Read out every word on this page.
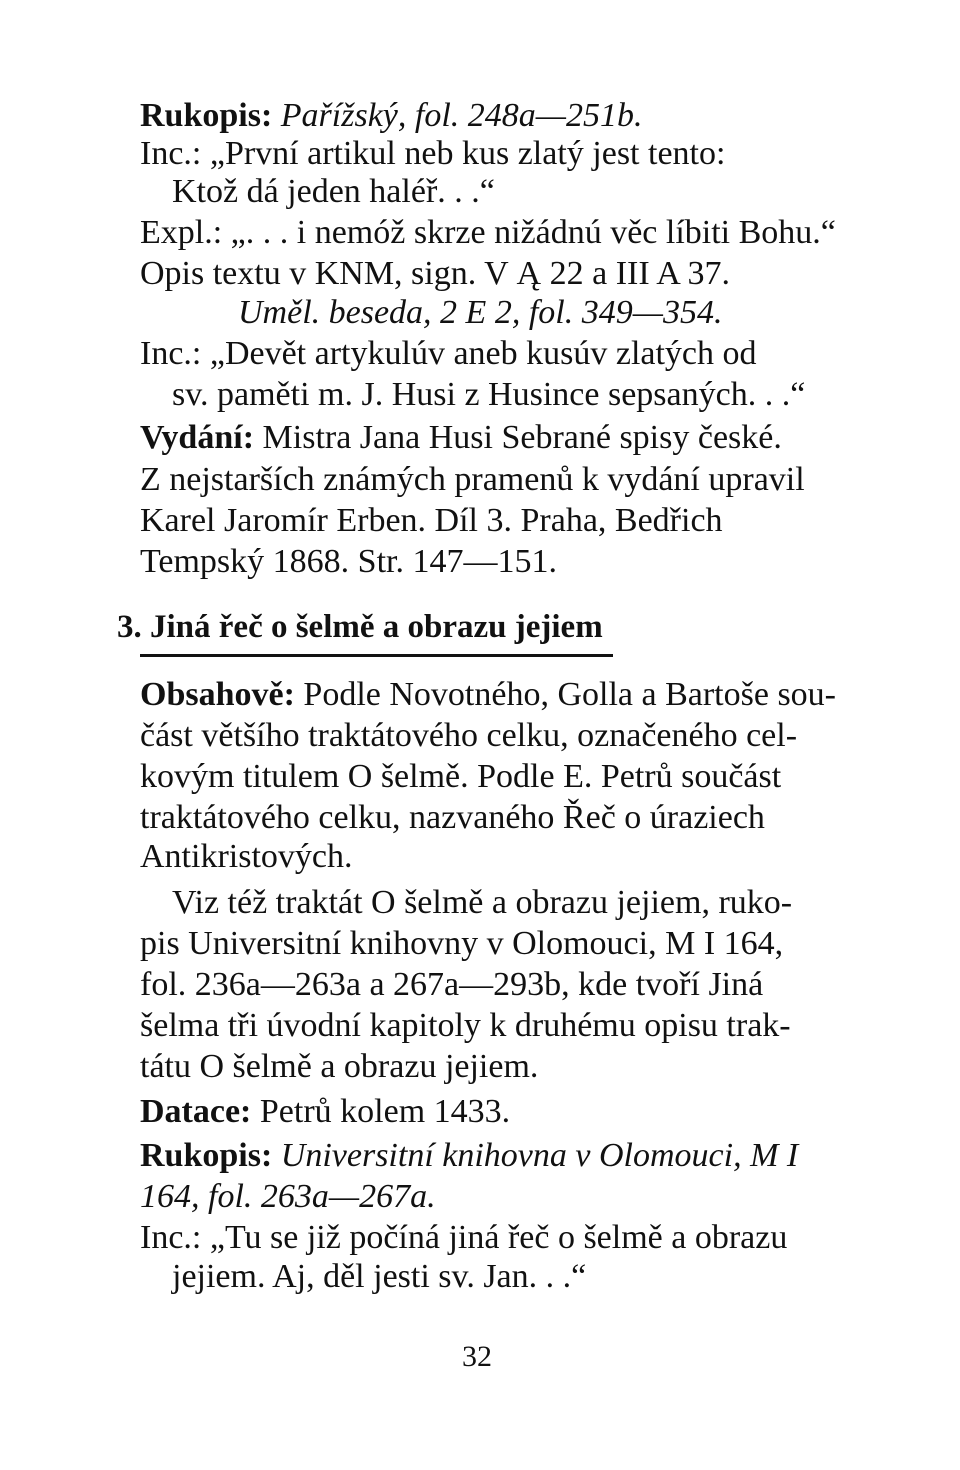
Rukopis: Pařížský, fol. 248a—251b.
Inc.: „První artikul neb kus zlatý jest tento:
Ktož dá jeden haléř. . .“
Expl.: „. . . i nemóž skrze nižádnú věc líbiti Bohu.“
Opis textu v KNM, sign. V Ą 22 a III A 37.
Uměl. beseda, 2 E 2, fol. 349—354.
Inc.: „Devět artykulúv aneb kusúv zlatých od
sv. paměti m. J. Husi z Husince sepsaných. . .“
Vydání: Mistra Jana Husi Sebrané spisy české.
Z nejstarších známých pramenů k vydání upravil
Karel Jaromír Erben. Díl 3. Praha, Bedřich
Tempský 1868. Str. 147—151.
3. Jiná řeč o šelmě a obrazu jejiem
Obsahově: Podle Novotného, Golla a Bartoše sou-
část většího traktátového celku, označeného cel-
kovým titulem O šelmě. Podle E. Petrů součást
traktátového celku, nazvaného Řeč o úraziech
Antikristových.
Viz též traktát O šelmě a obrazu jejiem, ruko-
pis Universitní knihovny v Olomouci, M I 164,
fol. 236a—263a a 267a—293b, kde tvoří Jiná
šelma tři úvodní kapitoly k druhému opisu trak-
tátu O šelmě a obrazu jejiem.
Datace: Petrů kolem 1433.
Rukopis: Universitní knihovna v Olomouci, M I
164, fol. 263a—267a.
Inc.: „Tu se již počíná jiná řeč o šelmě a obrazu
jejiem. Aj, děl jesti sv. Jan. . .“
32
